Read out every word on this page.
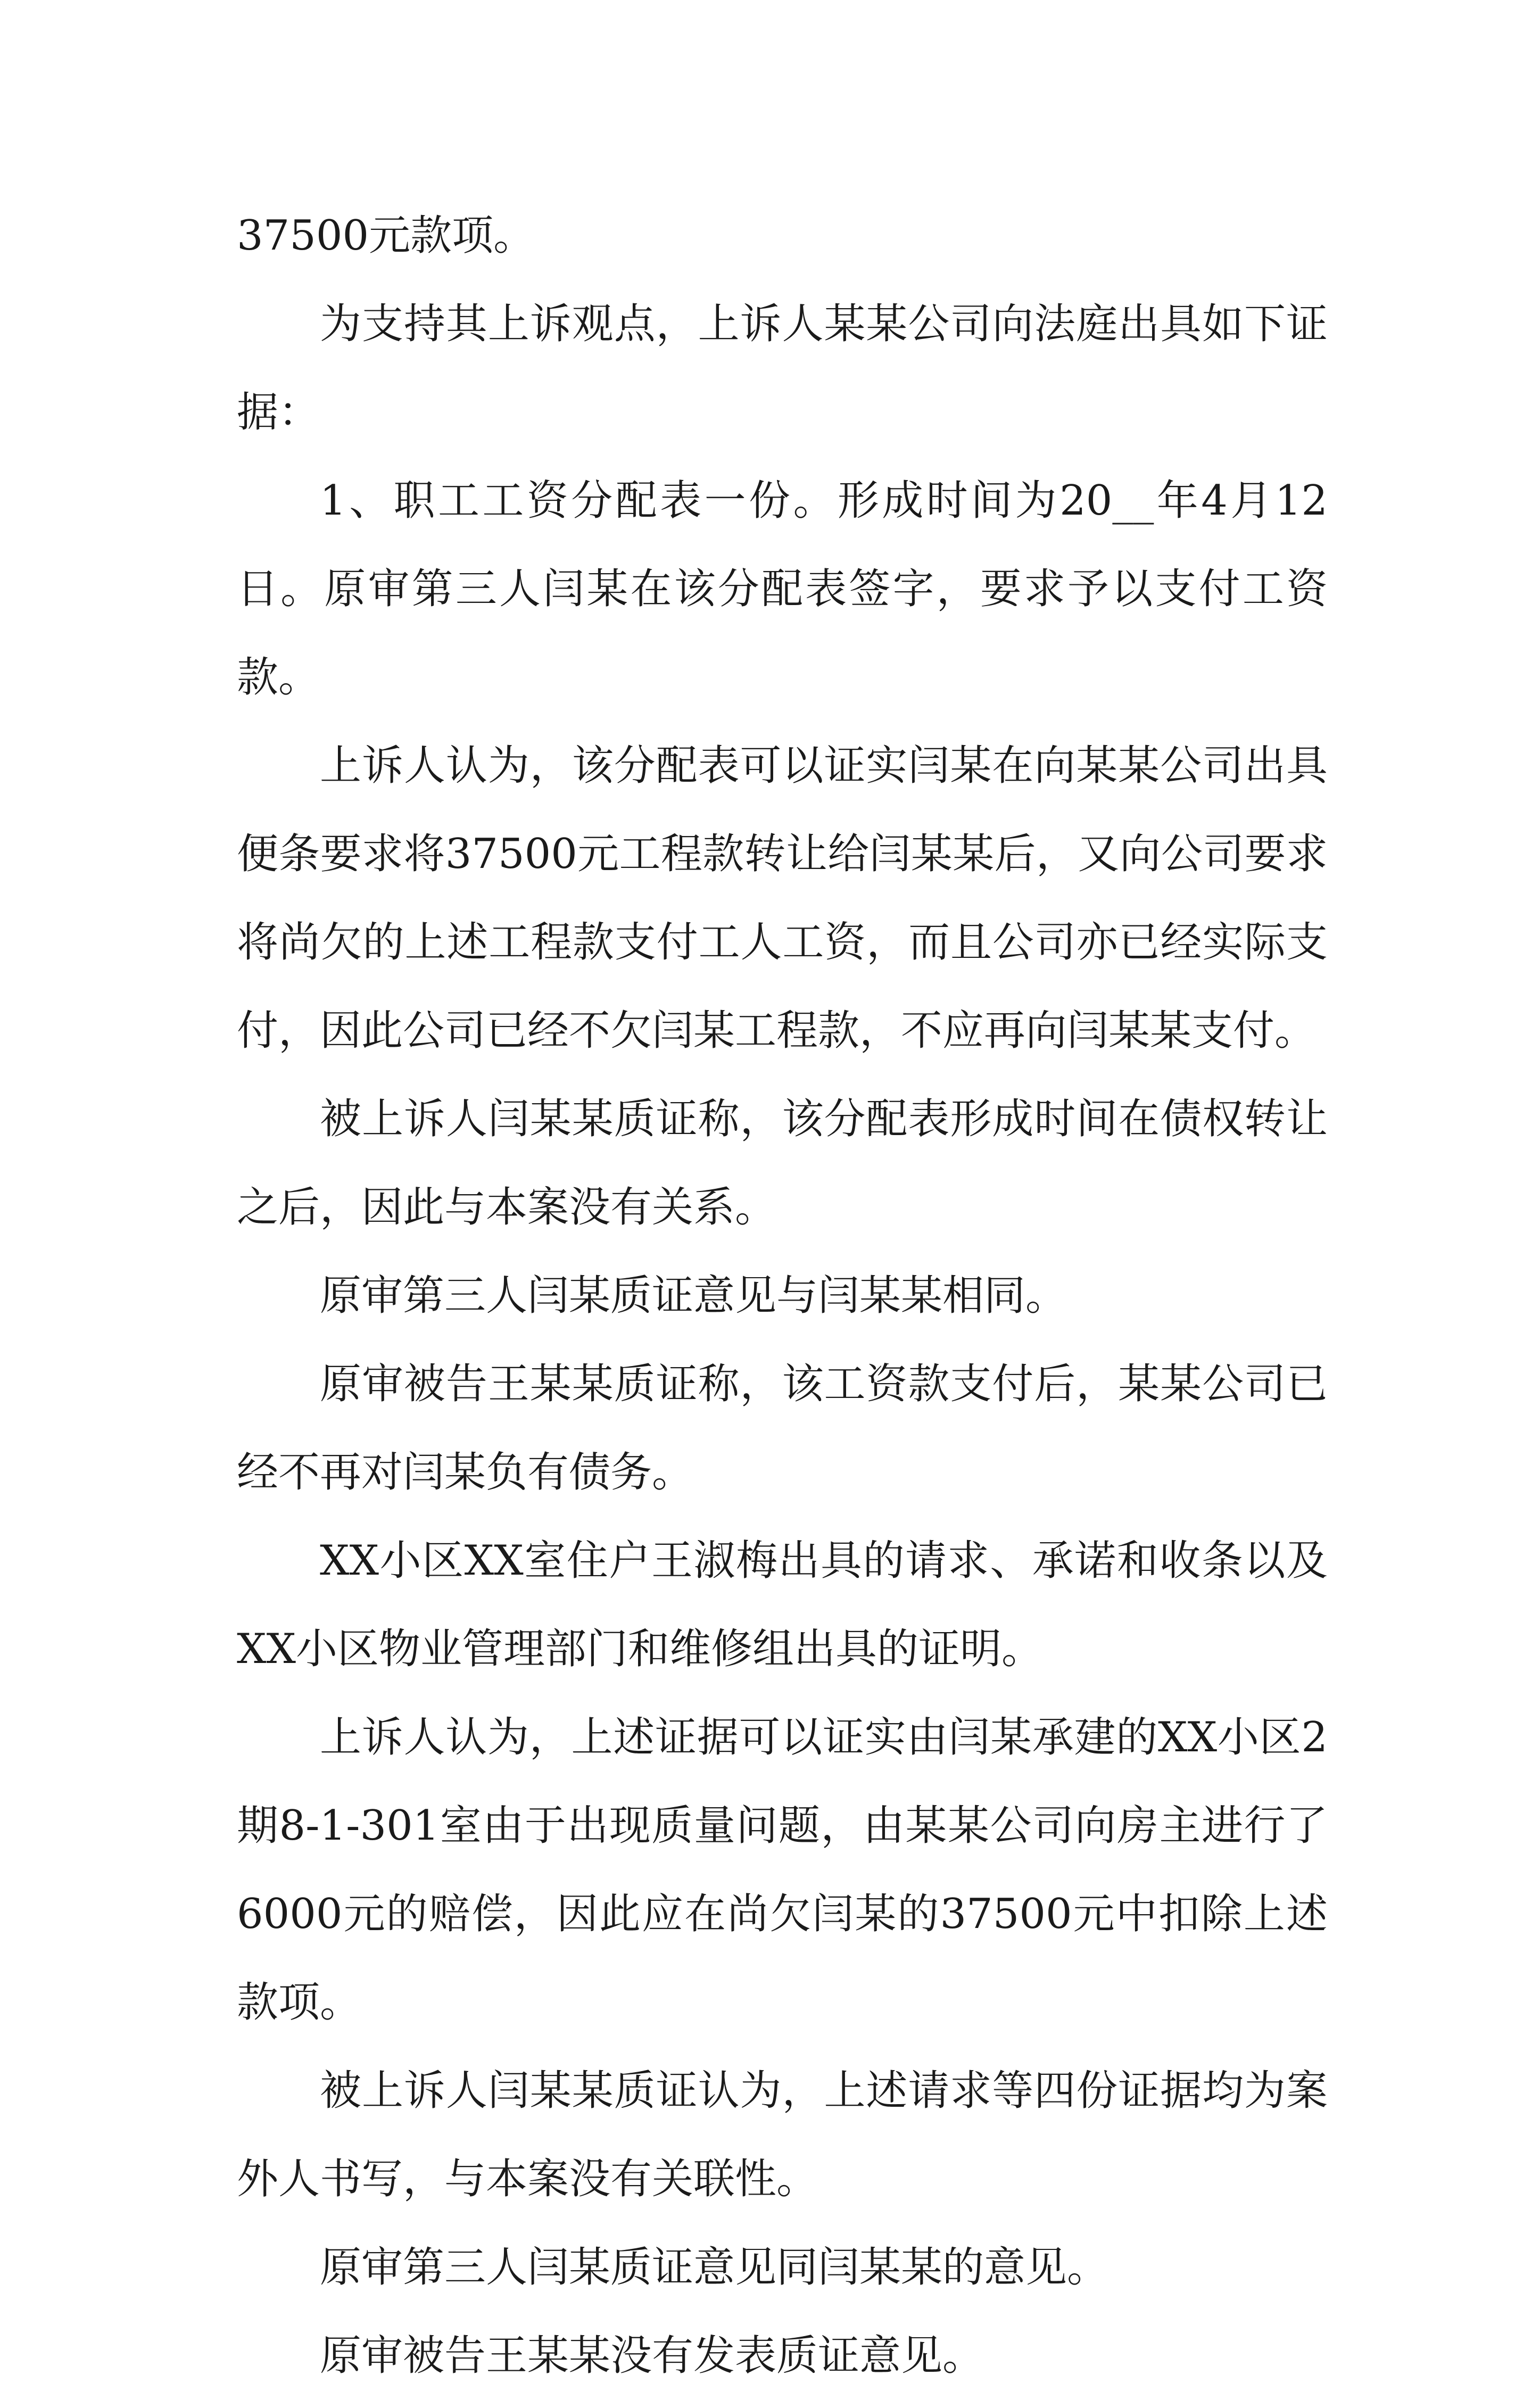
37500元款项。

为支持其上诉观点，上诉人某某公司向法庭出具如下证据：

1、职工工资分配表一份。形成时间为20__年4月12日。原审第三人闫某在该分配表签字，要求予以支付工资款。

上诉人认为，该分配表可以证实闫某在向某某公司出具便条要求将37500元工程款转让给闫某某后，又向公司要求将尚欠的上述工程款支付工人工资，而且公司亦已经实际支付，因此公司已经不欠闫某工程款，不应再向闫某某支付。

被上诉人闫某某质证称，该分配表形成时间在债权转让之后，因此与本案没有关系。

原审第三人闫某质证意见与闫某某相同。

原审被告王某某质证称，该工资款支付后，某某公司已经不再对闫某负有债务。

XX小区XX室住户王淑梅出具的请求、承诺和收条以及XX小区物业管理部门和维修组出具的证明。

上诉人认为，上述证据可以证实由闫某承建的XX小区2期8-1-301室由于出现质量问题，由某某公司向房主进行了6000元的赔偿，因此应在尚欠闫某的37500元中扣除上述款项。

被上诉人闫某某质证认为，上述请求等四份证据均为案外人书写，与本案没有关联性。

原审第三人闫某质证意见同闫某某的意见。

原审被告王某某没有发表质证意见。
